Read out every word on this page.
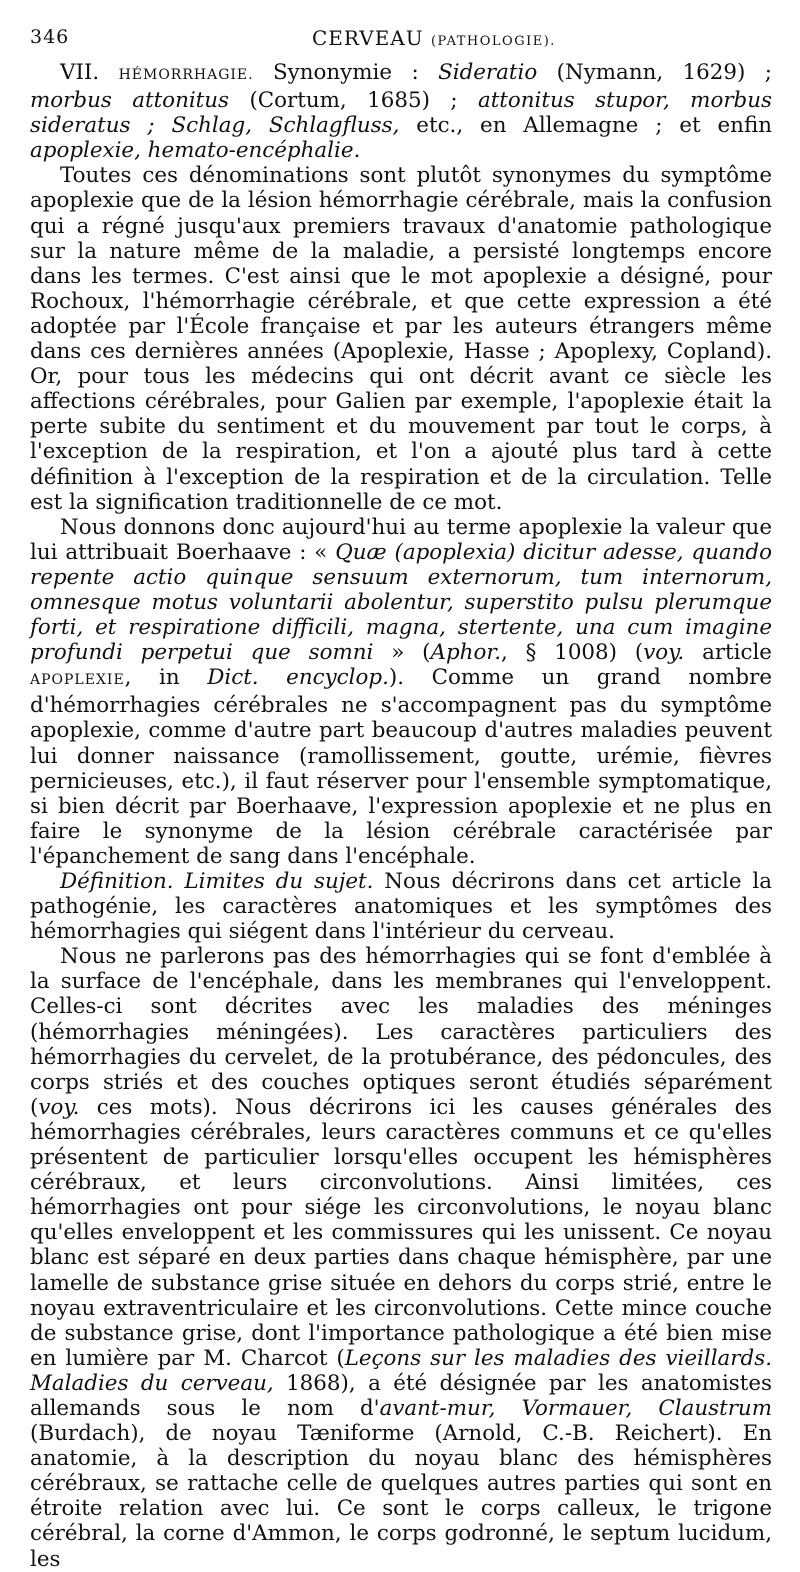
346	CERVEAU (PATHOLOGIE).

VII. HÉMORRHAGIE. Synonymie : Sideratio (Nymann, 1629) ; morbus attonitus (Cortum, 1685) ; attonitus stupor, morbus sideratus ; Schlag, Schlagfluss, etc., en Allemagne ; et enfin apoplexie, hemato-encéphalie.

Toutes ces dénominations sont plutôt synonymes du symptôme apoplexie que de la lésion hémorrhagie cérébrale, mais la confusion qui a régné jusqu'aux premiers travaux d'anatomie pathologique sur la nature même de la maladie, a persisté longtemps encore dans les termes. C'est ainsi que le mot apoplexie a désigné, pour Rochoux, l'hémorrhagie cérébrale, et que cette expression a été adoptée par l'École française et par les auteurs étrangers même dans ces dernières années (Apoplexie, Hasse ; Apoplexy, Copland). Or, pour tous les médecins qui ont décrit avant ce siècle les affections cérébrales, pour Galien par exemple, l'apoplexie était la perte subite du sentiment et du mouvement par tout le corps, à l'exception de la respiration, et l'on a ajouté plus tard à cette définition à l'exception de la respiration et de la circulation. Telle est la signification traditionnelle de ce mot.

Nous donnons donc aujourd'hui au terme apoplexie la valeur que lui attribuait Boerhaave : « Quæ (apoplexia) dicitur adesse, quando repente actio quinque sensuum externorum, tum internorum, omnesque motus voluntarii abolentur, superstito pulsu plerumque forti, et respiratione difficili, magna, stertente, una cum imagine profundi perpetui que somni » (Aphor., § 1008) (voy. article APOPLEXIE, in Dict. encyclop.). Comme un grand nombre d'hémorrhagies cérébrales ne s'accompagnent pas du symptôme apoplexie, comme d'autre part beaucoup d'autres maladies peuvent lui donner naissance (ramollissement, goutte, urémie, fièvres pernicieuses, etc.), il faut réserver pour l'ensemble symptomatique, si bien décrit par Boerhaave, l'expression apoplexie et ne plus en faire le synonyme de la lésion cérébrale caractérisée par l'épanchement de sang dans l'encéphale.

Définition. Limites du sujet. Nous décrirons dans cet article la pathogénie, les caractères anatomiques et les symptômes des hémorrhagies qui siégent dans l'intérieur du cerveau.

Nous ne parlerons pas des hémorrhagies qui se font d'emblée à la surface de l'encéphale, dans les membranes qui l'enveloppent. Celles-ci sont décrites avec les maladies des méninges (hémorrhagies méningées). Les caractères particuliers des hémorrhagies du cervelet, de la protubérance, des pédoncules, des corps striés et des couches optiques seront étudiés séparément (voy. ces mots). Nous décrirons ici les causes générales des hémorrhagies cérébrales, leurs caractères communs et ce qu'elles présentent de particulier lorsqu'elles occupent les hémisphères cérébraux, et leurs circonvolutions. Ainsi limitées, ces hémorrhagies ont pour siége les circonvolutions, le noyau blanc qu'elles enveloppent et les commissures qui les unissent. Ce noyau blanc est séparé en deux parties dans chaque hémisphère, par une lamelle de substance grise située en dehors du corps strié, entre le noyau extraventriculaire et les circonvolutions. Cette mince couche de substance grise, dont l'importance pathologique a été bien mise en lumière par M. Charcot (Leçons sur les maladies des vieillards. Maladies du cerveau, 1868), a été désignée par les anatomistes allemands sous le nom d'avant-mur, Vormauer, Claustrum (Burdach), de noyau Tæniforme (Arnold, C.-B. Reichert). En anatomie, à la description du noyau blanc des hémisphères cérébraux, se rattache celle de quelques autres parties qui sont en étroite relation avec lui. Ce sont le corps calleux, le trigone cérébral, la corne d'Ammon, le corps godronné, le septum lucidum, les
